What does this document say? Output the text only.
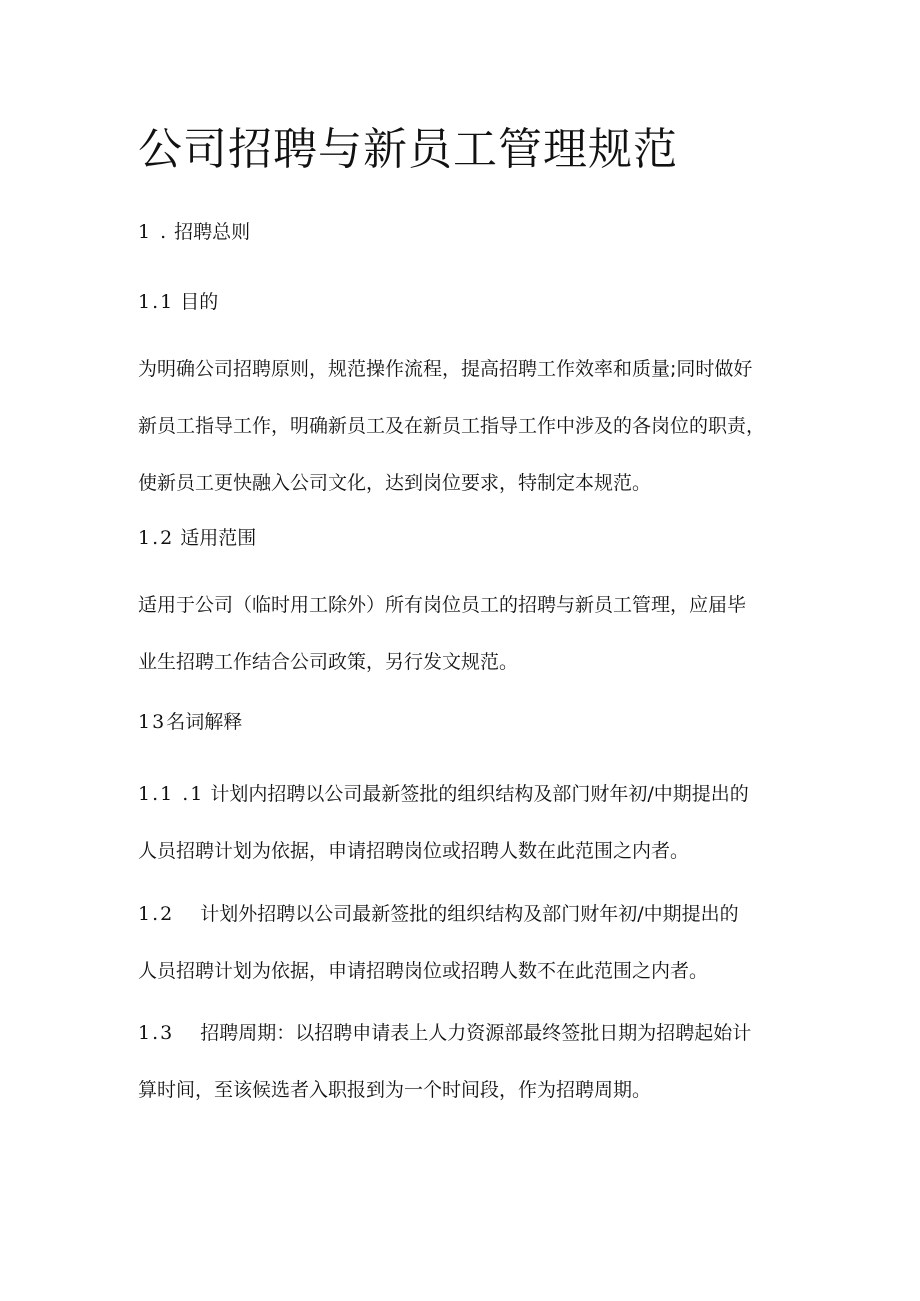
公司招聘与新员工管理规范
1 . 招聘总则
1.1 目的
为明确公司招聘原则，规范操作流程，提高招聘工作效率和质量;同时做好
新员工指导工作，明确新员工及在新员工指导工作中涉及的各岗位的职责，
使新员工更快融入公司文化，达到岗位要求，特制定本规范。
1.2 适用范围
适用于公司（临时用工除外）所有岗位员工的招聘与新员工管理，应届毕
业生招聘工作结合公司政策，另行发文规范。
13名词解释
1.1 .1 计划内招聘以公司最新签批的组织结构及部门财年初/中期提出的
人员招聘计划为依据，申请招聘岗位或招聘人数在此范围之内者。
1.2 计划外招聘以公司最新签批的组织结构及部门财年初/中期提出的
人员招聘计划为依据，申请招聘岗位或招聘人数不在此范围之内者。
1.3 招聘周期：以招聘申请表上人力资源部最终签批日期为招聘起始计
算时间，至该候选者入职报到为一个时间段，作为招聘周期。
